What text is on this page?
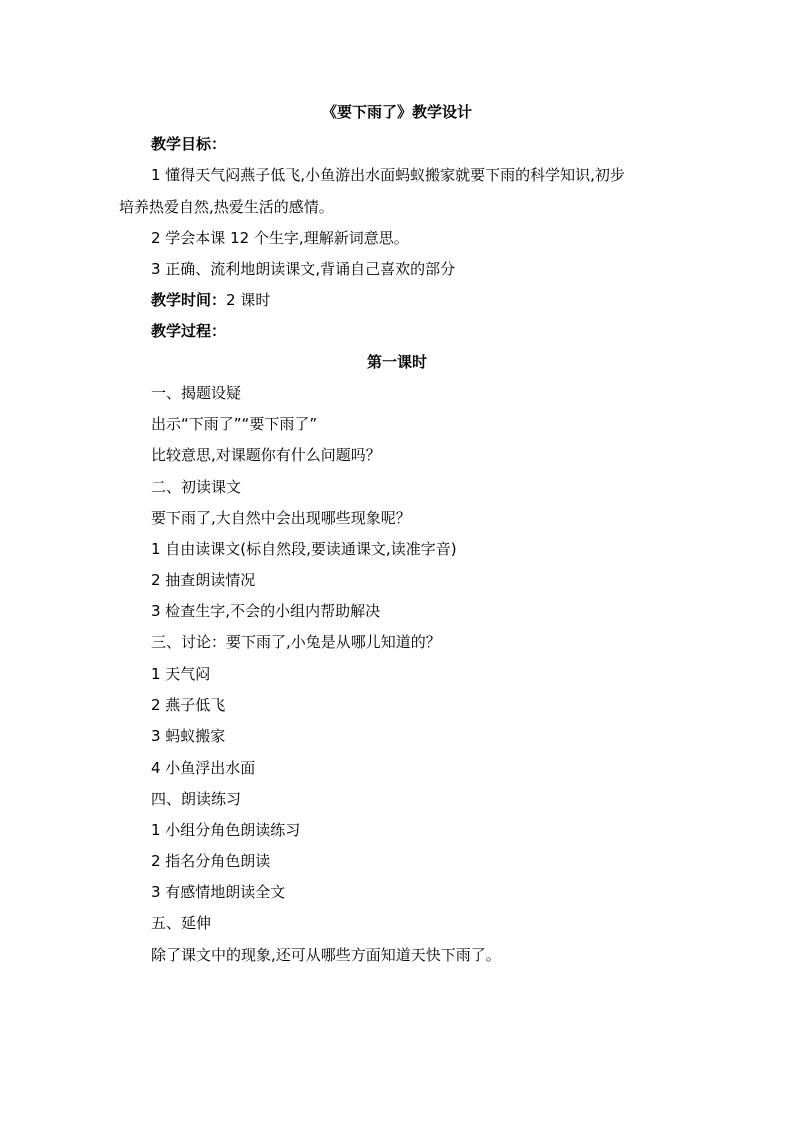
《要下雨了》教学设计
教学目标：
1 懂得天气闷燕子低飞,小鱼游出水面蚂蚁搬家就要下雨的科学知识,初步
培养热爱自然,热爱生活的感情。
2 学会本课 12 个生字,理解新词意思。
3 正确、流利地朗读课文,背诵自己喜欢的部分
教学时间：2 课时
教学过程：
第一课时
一、揭题设疑
出示“下雨了”“要下雨了”
比较意思,对课题你有什么问题吗？
二、初读课文
要下雨了,大自然中会出现哪些现象呢？
1 自由读课文(标自然段,要读通课文,读准字音)
2 抽查朗读情况
3 检查生字,不会的小组内帮助解决
三、讨论：要下雨了,小兔是从哪儿知道的？
1 天气闷
2 燕子低飞
3 蚂蚁搬家
4 小鱼浮出水面
四、朗读练习
1 小组分角色朗读练习
2 指名分角色朗读
3 有感情地朗读全文
五、延伸
除了课文中的现象,还可从哪些方面知道天快下雨了。
